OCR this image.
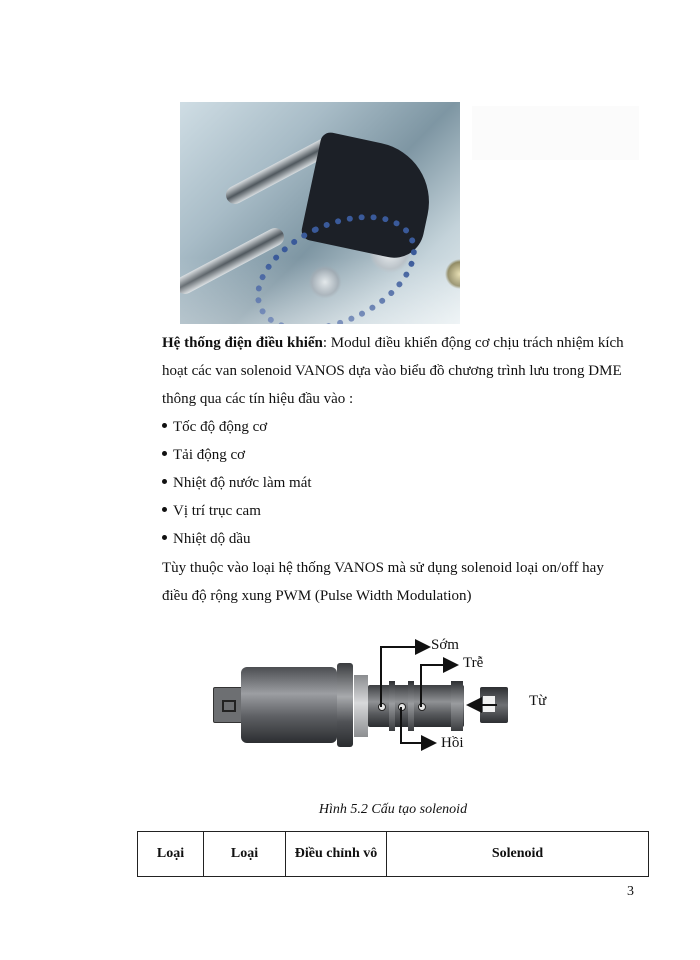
Hệ thống điện điều khiển: Modul điều khiển động cơ chịu trách nhiệm kích
hoạt các van solenoid VANOS dựa vào biểu đồ chương trình lưu trong DME
thông qua các tín hiệu đầu vào :
Tốc độ động cơ
Tải động cơ
Nhiệt độ nước làm mát
Vị trí trục cam
Nhiệt dộ dầu
Tùy thuộc vào loại hệ thống VANOS mà sử dụng solenoid loại on/off hay
điều độ rộng xung PWM (Pulse Width Modulation)
Sớm
Trễ
Hồi
Từ
Hình 5.2 Cấu tạo solenoid
Loại	Loại	Điều chỉnh vô	Solenoid
3
